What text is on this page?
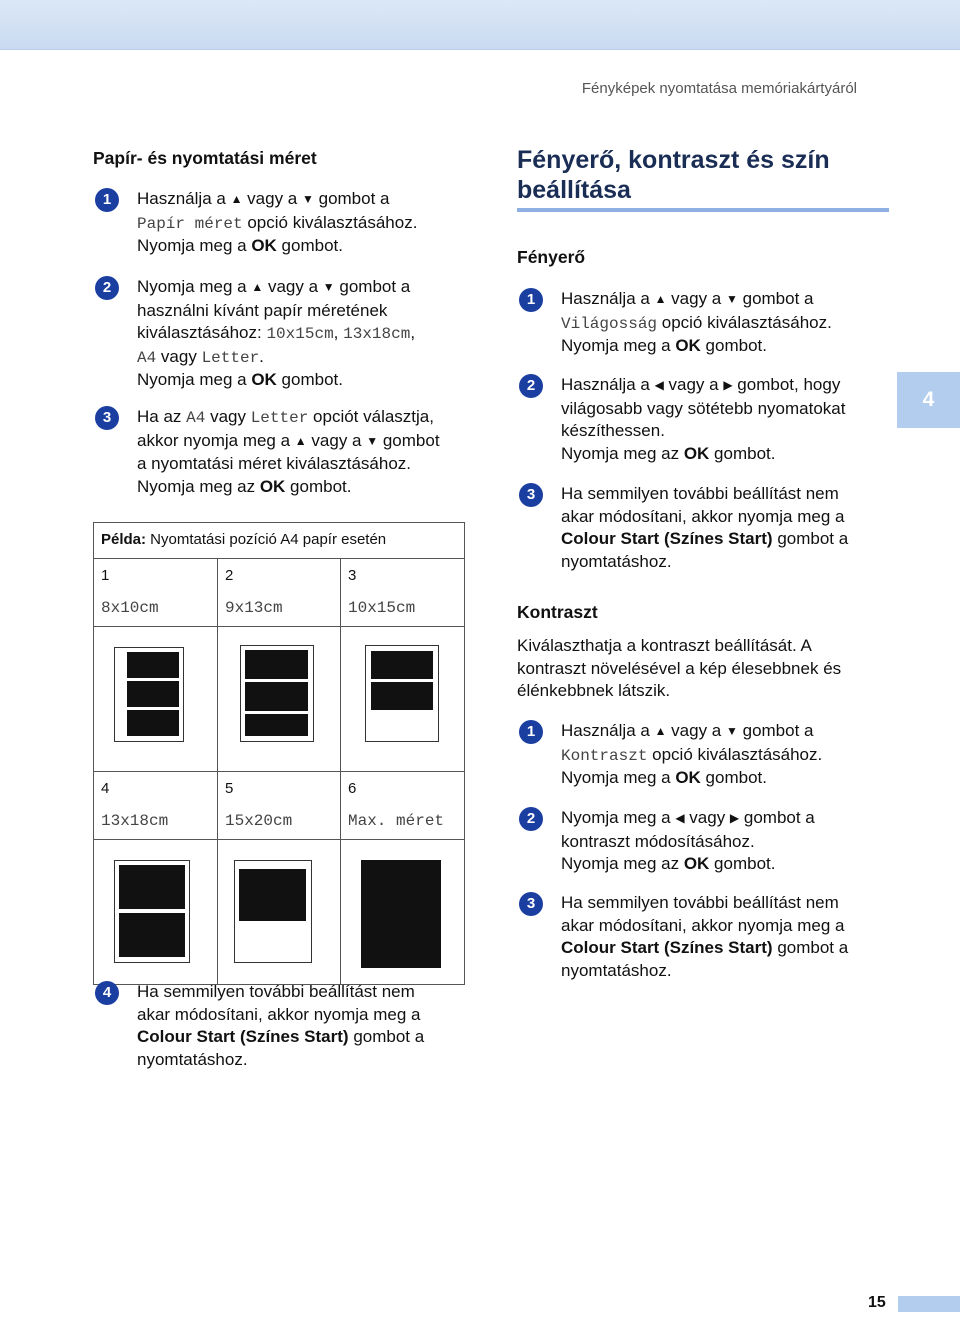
Fényképek nyomtatása memóriakártyáról
Papír- és nyomtatási méret
1	Használja a ▲ vagy a ▼ gombot a

Papír méret opció kiválasztásához.

Nyomja meg a OK gombot.

2	Nyomja meg a ▲ vagy a ▼ gombot a

használni kívánt papír méretének

kiválasztásához: 10x15cm, 13x18cm,

A4 vagy Letter.

Nyomja meg a OK gombot.

3	Ha az A4 vagy Letter opciót választja,

akkor nyomja meg a ▲ vagy a ▼ gombot

a nyomtatási méret kiválasztásához.

Nyomja meg az OK gombot.

Példa: Nyomtatási pozíció A4 papír esetén		
1	2	3
8x10cm	9x13cm	10x15cm

4	5	6
13x18cm	15x20cm	Max. méret

4	Ha semmilyen további beállítást nem

akar módosítani, akkor nyomja meg a

Colour Start (Színes Start) gombot a

nyomtatáshoz.

Fényerő, kontraszt és szín beállítása
Fényerő
1	Használja a ▲ vagy a ▼ gombot a

Világosság opció kiválasztásához.

Nyomja meg a OK gombot.

2	Használja a ◀ vagy a ▶ gombot, hogy

világosabb vagy sötétebb nyomatokat

készíthessen.

Nyomja meg az OK gombot.

3	Ha semmilyen további beállítást nem

akar módosítani, akkor nyomja meg a

Colour Start (Színes Start) gombot a

nyomtatáshoz.

Kontraszt

Kiválaszthatja a kontraszt beállítását. A

kontraszt növelésével a kép élesebbnek és

élénkebbnek látszik.

1	Használja a ▲ vagy a ▼ gombot a

Kontraszt opció kiválasztásához.

Nyomja meg a OK gombot.

2	Nyomja meg a ◀ vagy ▶ gombot a

kontraszt módosításához.

Nyomja meg az OK gombot.

3	Ha semmilyen további beállítást nem

akar módosítani, akkor nyomja meg a

Colour Start (Színes Start) gombot a

nyomtatáshoz.

4
15
